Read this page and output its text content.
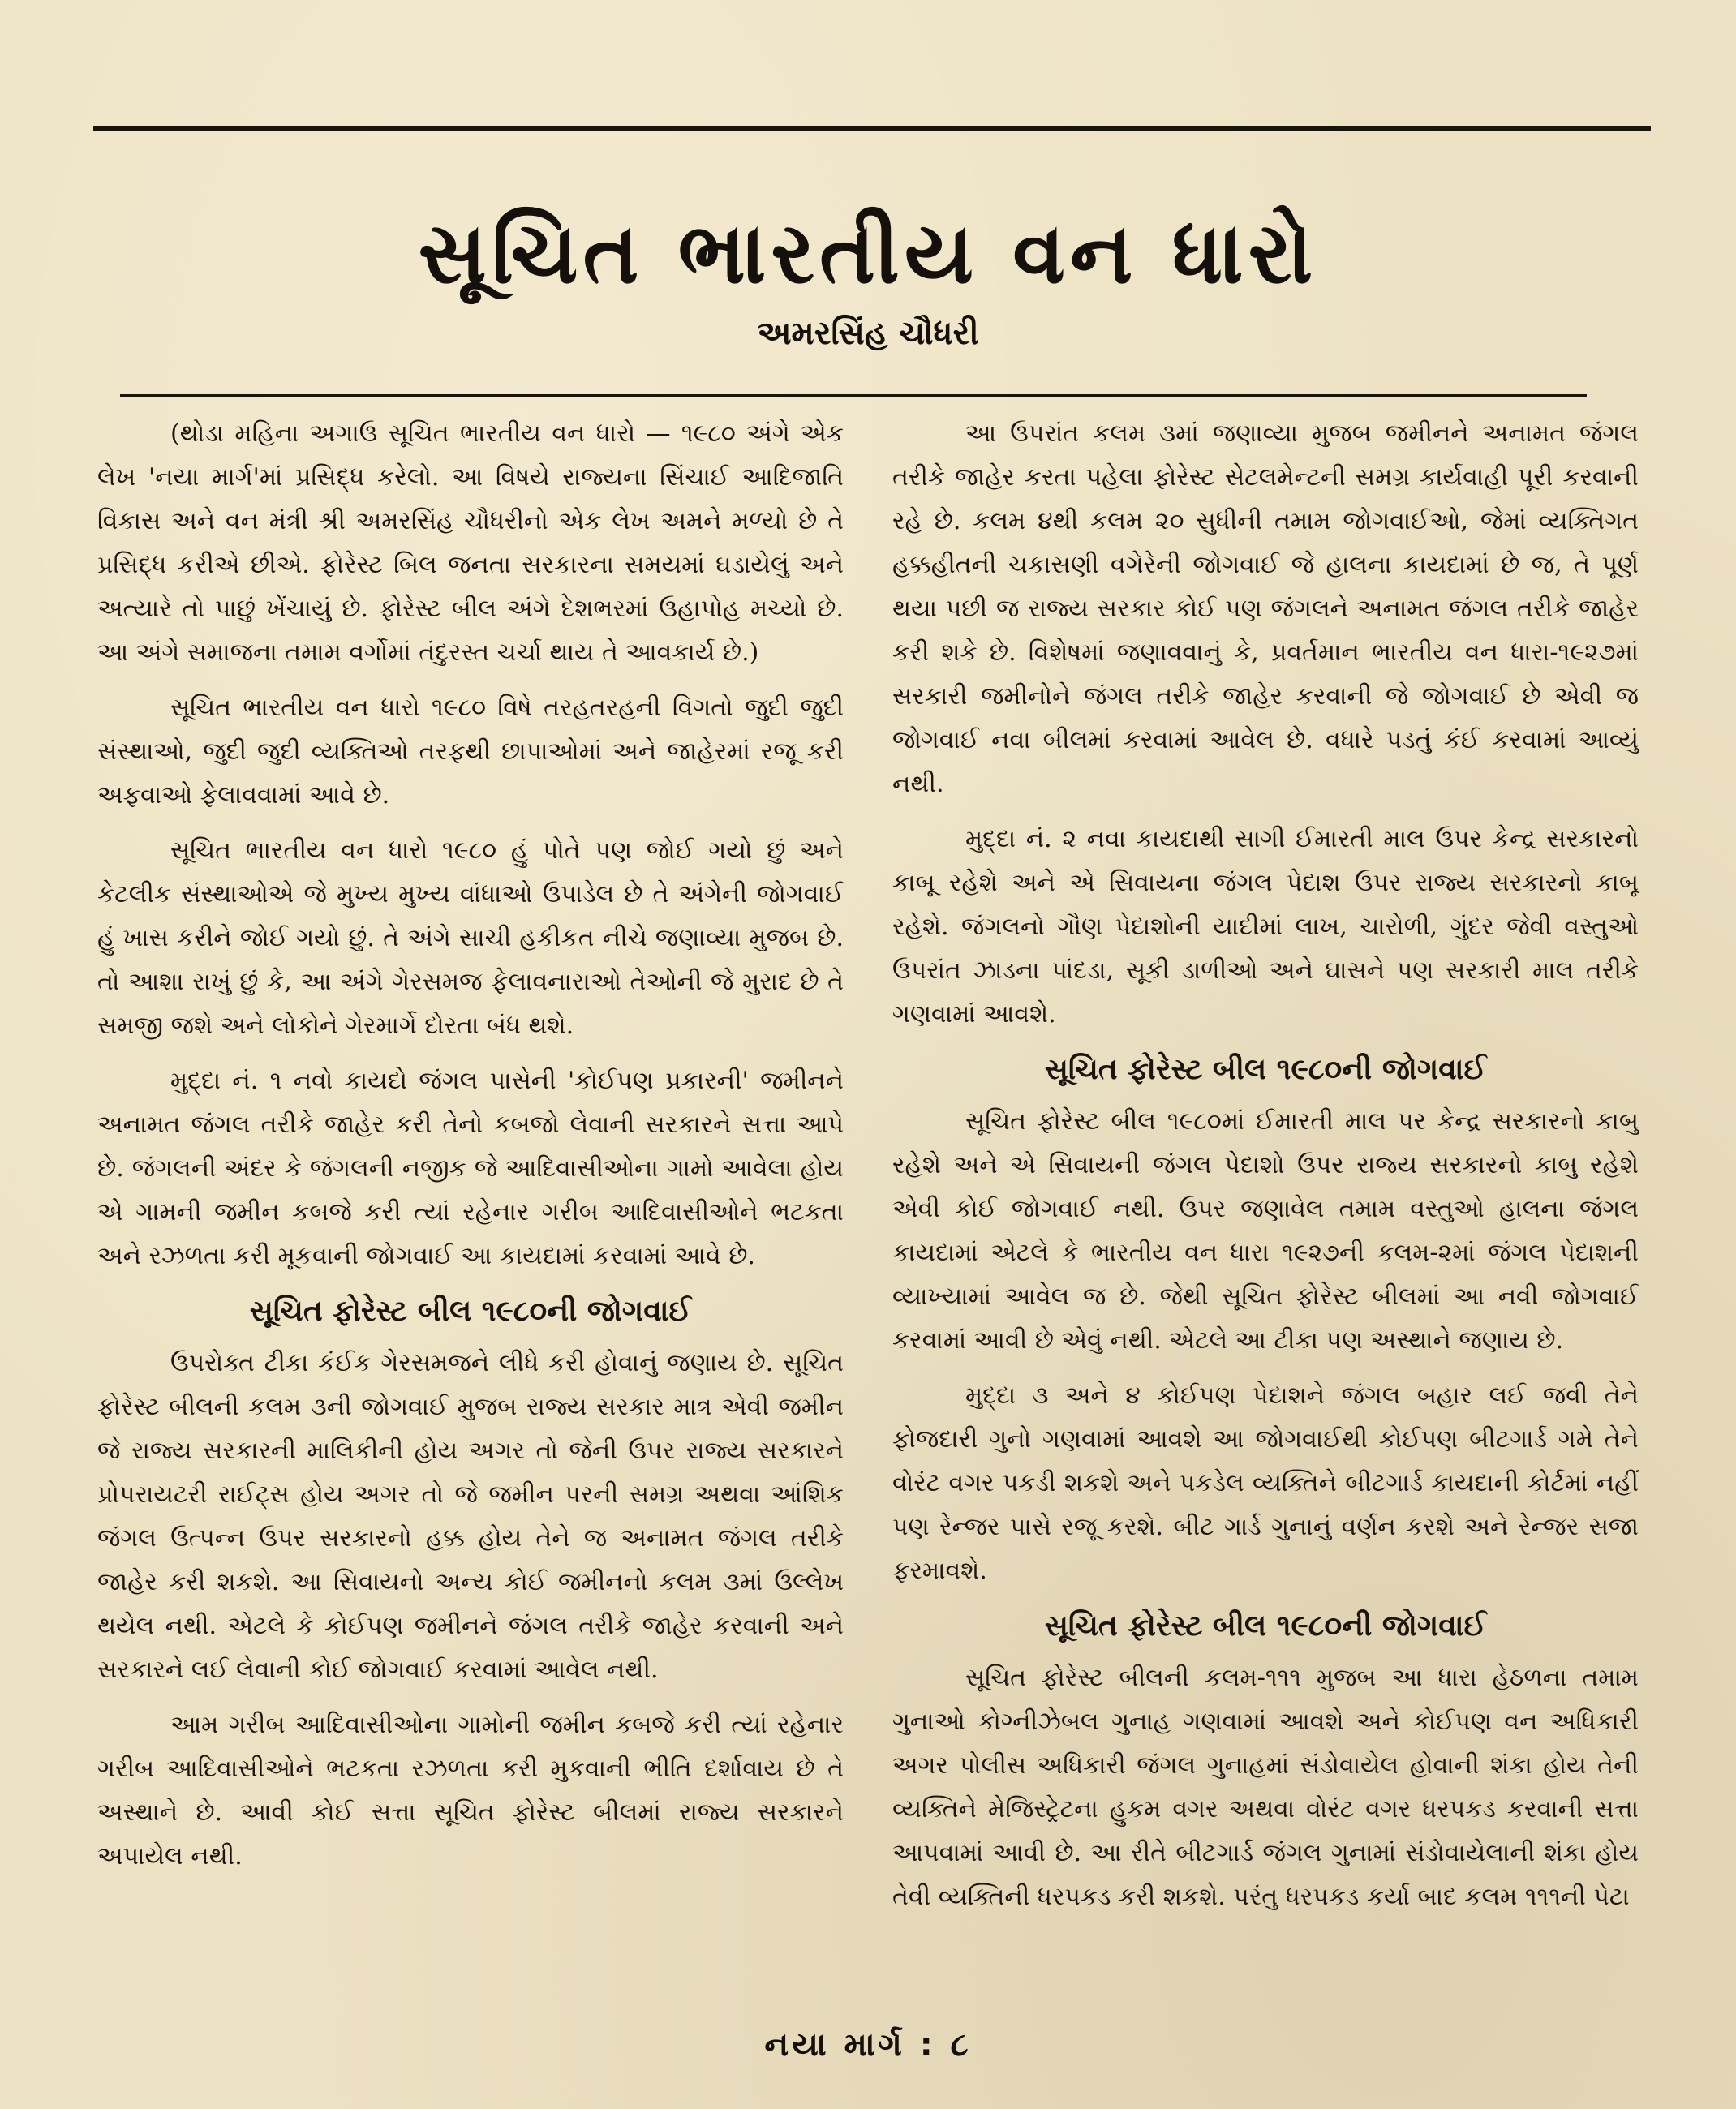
સૂચિત ભારતીય વન ધારો
અમરસિંહ ચૌધરી

(થોડા મહિના અગાઉ સૂચિત ભારતીય વન ધારો — ૧૯૮૦ અંગે એક લેખ 'નયા માર્ગ'માં પ્રસિદ્ધ કરેલો. આ વિષયે રાજ્યના સિંચાઈ આદિજાતિ વિકાસ અને વન મંત્રી શ્રી અમરસિંહ ચૌધરીનો એક લેખ અમને મળ્યો છે તે પ્રસિદ્ધ કરીએ છીએ. ફોરેસ્ટ બિલ જનતા સરકારના સમયમાં ઘડાયેલું અને અત્યારે તો પાછું ખેંચાયું છે. ફોરેસ્ટ બીલ અંગે દેશભરમાં ઉહાપોહ મચ્યો છે. આ અંગે સમાજના તમામ વર્ગોમાં તંદુરસ્ત ચર્ચા થાય તે આવકાર્ય છે.)

સૂચિત ભારતીય વન ધારો ૧૯૮૦ વિષે તરહતરહની વિગતો જુદી જુદી સંસ્થાઓ, જુદી જુદી વ્યક્તિઓ તરફથી છાપાઓમાં અને જાહેરમાં રજૂ કરી અફવાઓ ફેલાવવામાં આવે છે.

સૂચિત ભારતીય વન ધારો ૧૯૮૦ હું પોતે પણ જોઈ ગયો છું અને કેટલીક સંસ્થાઓએ જે મુખ્ય મુખ્ય વાંધાઓ ઉપાડેલ છે તે અંગેની જોગવાઈ હું ખાસ કરીને જોઈ ગયો છું. તે અંગે સાચી હકીકત નીચે જણાવ્યા મુજબ છે. તો આશા રાખું છું કે, આ અંગે ગેરસમજ ફેલાવનારાઓ તેઓની જે મુરાદ છે તે સમજી જશે અને લોકોને ગેરમાર્ગે દોરતા બંધ થશે.

મુદ્દા નં. ૧ નવો કાયદો જંગલ પાસેની 'કોઈપણ પ્રકારની' જમીનને અનામત જંગલ તરીકે જાહેર કરી તેનો કબજો લેવાની સરકારને સત્તા આપે છે. જંગલની અંદર કે જંગલની નજીક જે આદિવાસીઓના ગામો આવેલા હોય એ ગામની જમીન કબજે કરી ત્યાં રહેનાર ગરીબ આદિવાસીઓને ભટકતા અને રઝળતા કરી મૂકવાની જોગવાઈ આ કાયદામાં કરવામાં આવે છે.

સૂચિત ફોરેસ્ટ બીલ ૧૯૮૦ની જોગવાઈ

ઉપરોક્ત ટીકા કંઈક ગેરસમજને લીધે કરી હોવાનું જણાય છે. સૂચિત ફોરેસ્ટ બીલની કલમ ૩ની જોગવાઈ મુજબ રાજ્ય સરકાર માત્ર એવી જમીન જે રાજ્ય સરકારની માલિકીની હોય અગર તો જેની ઉપર રાજ્ય સરકારને પ્રોપરાયટરી રાઈટ્સ હોય અગર તો જે જમીન પરની સમગ્ર અથવા આંશિક જંગલ ઉત્પન્ન ઉપર સરકારનો હક્ક હોય તેને જ અનામત જંગલ તરીકે જાહેર કરી શકશે. આ સિવાયનો અન્ય કોઈ જમીનનો કલમ ૩માં ઉલ્લેખ થયેલ નથી. એટલે કે કોઈપણ જમીનને જંગલ તરીકે જાહેર કરવાની અને સરકારને લઈ લેવાની કોઈ જોગવાઈ કરવામાં આવેલ નથી.

આમ ગરીબ આદિવાસીઓના ગામોની જમીન કબજે કરી ત્યાં રહેનાર ગરીબ આદિવાસીઓને ભટકતા રઝળતા કરી મુકવાની ભીતિ દર્શાવાય છે તે અસ્થાને છે. આવી કોઈ સત્તા સૂચિત ફોરેસ્ટ બીલમાં રાજ્ય સરકારને અપાયેલ નથી.

આ ઉપરાંત કલમ ૩માં જણાવ્યા મુજબ જમીનને અનામત જંગલ તરીકે જાહેર કરતા પહેલા ફોરેસ્ટ સેટલમેન્ટની સમગ્ર કાર્યવાહી પૂરી કરવાની રહે છે. કલમ ૪થી કલમ ૨૦ સુધીની તમામ જોગવાઈઓ, જેમાં વ્યક્તિગત હક્કહીતની ચકાસણી વગેરેની જોગવાઈ જે હાલના કાયદામાં છે જ, તે પૂર્ણ થયા પછી જ રાજ્ય સરકાર કોઈ પણ જંગલને અનામત જંગલ તરીકે જાહેર કરી શકે છે. વિશેષમાં જણાવવાનું કે, પ્રવર્તમાન ભારતીય વન ધારા-૧૯૨૭માં સરકારી જમીનોને જંગલ તરીકે જાહેર કરવાની જે જોગવાઈ છે એવી જ જોગવાઈ નવા બીલમાં કરવામાં આવેલ છે. વધારે પડતું કંઈ કરવામાં આવ્યું નથી.

મુદ્દા નં. ૨ નવા કાયદાથી સાગી ઈમારતી માલ ઉપર કેન્દ્ર સરકારનો કાબૂ રહેશે અને એ સિવાયના જંગલ પેદાશ ઉપર રાજ્ય સરકારનો કાબૂ રહેશે. જંગલનો ગૌણ પેદાશોની યાદીમાં લાખ, ચારોળી, ગુંદર જેવી વસ્તુઓ ઉપરાંત ઝાડના પાંદડા, સૂકી ડાળીઓ અને ઘાસને પણ સરકારી માલ તરીકે ગણવામાં આવશે.

સૂચિત ફોરેસ્ટ બીલ ૧૯૮૦ની જોગવાઈ

સૂચિત ફોરેસ્ટ બીલ ૧૯૮૦માં ઈમારતી માલ પર કેન્દ્ર સરકારનો કાબુ રહેશે અને એ સિવાયની જંગલ પેદાશો ઉપર રાજ્ય સરકારનો કાબુ રહેશે એવી કોઈ જોગવાઈ નથી. ઉપર જણાવેલ તમામ વસ્તુઓ હાલના જંગલ કાયદામાં એટલે કે ભારતીય વન ધારા ૧૯૨૭ની કલમ-૨માં જંગલ પેદાશની વ્યાખ્યામાં આવેલ જ છે. જેથી સૂચિત ફોરેસ્ટ બીલમાં આ નવી જોગવાઈ કરવામાં આવી છે એવું નથી. એટલે આ ટીકા પણ અસ્થાને જણાય છે.

મુદ્દા ૩ અને ૪ કોઈપણ પેદાશને જંગલ બહાર લઈ જવી તેને ફોજદારી ગુનો ગણવામાં આવશે આ જોગવાઈથી કોઈપણ બીટગાર્ડ ગમે તેને વોરંટ વગર પકડી શકશે અને પકડેલ વ્યક્તિને બીટગાર્ડ કાયદાની કોર્ટમાં નહીં પણ રેન્જર પાસે રજૂ કરશે. બીટ ગાર્ડ ગુનાનું વર્ણન કરશે અને રેન્જર સજા ફરમાવશે.

સૂચિત ફોરેસ્ટ બીલ ૧૯૮૦ની જોગવાઈ

સૂચિત ફોરેસ્ટ બીલની કલમ-૧૧૧ મુજબ આ ધારા હેઠળના તમામ ગુનાઓ કોગ્નીઝેબલ ગુનાહ ગણવામાં આવશે અને કોઈપણ વન અધિકારી અગર પોલીસ અધિકારી જંગલ ગુનાહમાં સંડોવાયેલ હોવાની શંકા હોય તેની વ્યક્તિને મેજિસ્ટ્રેટના હુકમ વગર અથવા વોરંટ વગર ધરપકડ કરવાની સત્તા આપવામાં આવી છે. આ રીતે બીટગાર્ડ જંગલ ગુનામાં સંડોવાયેલાની શંકા હોય તેવી વ્યક્તિની ધરપકડ કરી શકશે. પરંતુ ધરપકડ કર્યા બાદ કલમ ૧૧૧ની પેટા

નયા માર્ગ : ૮
